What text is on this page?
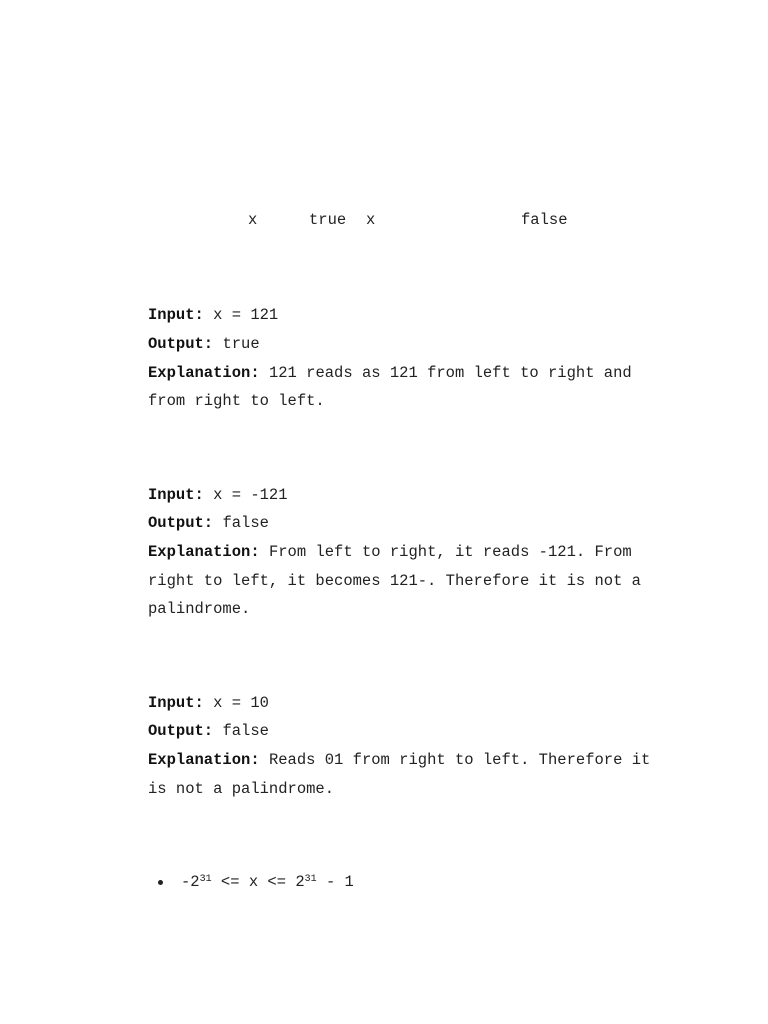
x	true x	false
Input: x = 121
Output: true
Explanation: 121 reads as 121 from left to right and
from right to left.
Input: x = -121
Output: false
Explanation: From left to right, it reads -121. From
right to left, it becomes 121-. Therefore it is not a
palindrome.
Input: x = 10
Output: false
Explanation: Reads 01 from right to left. Therefore it
is not a palindrome.
$-2^{31} <= x <= 2^{31} - 1$
